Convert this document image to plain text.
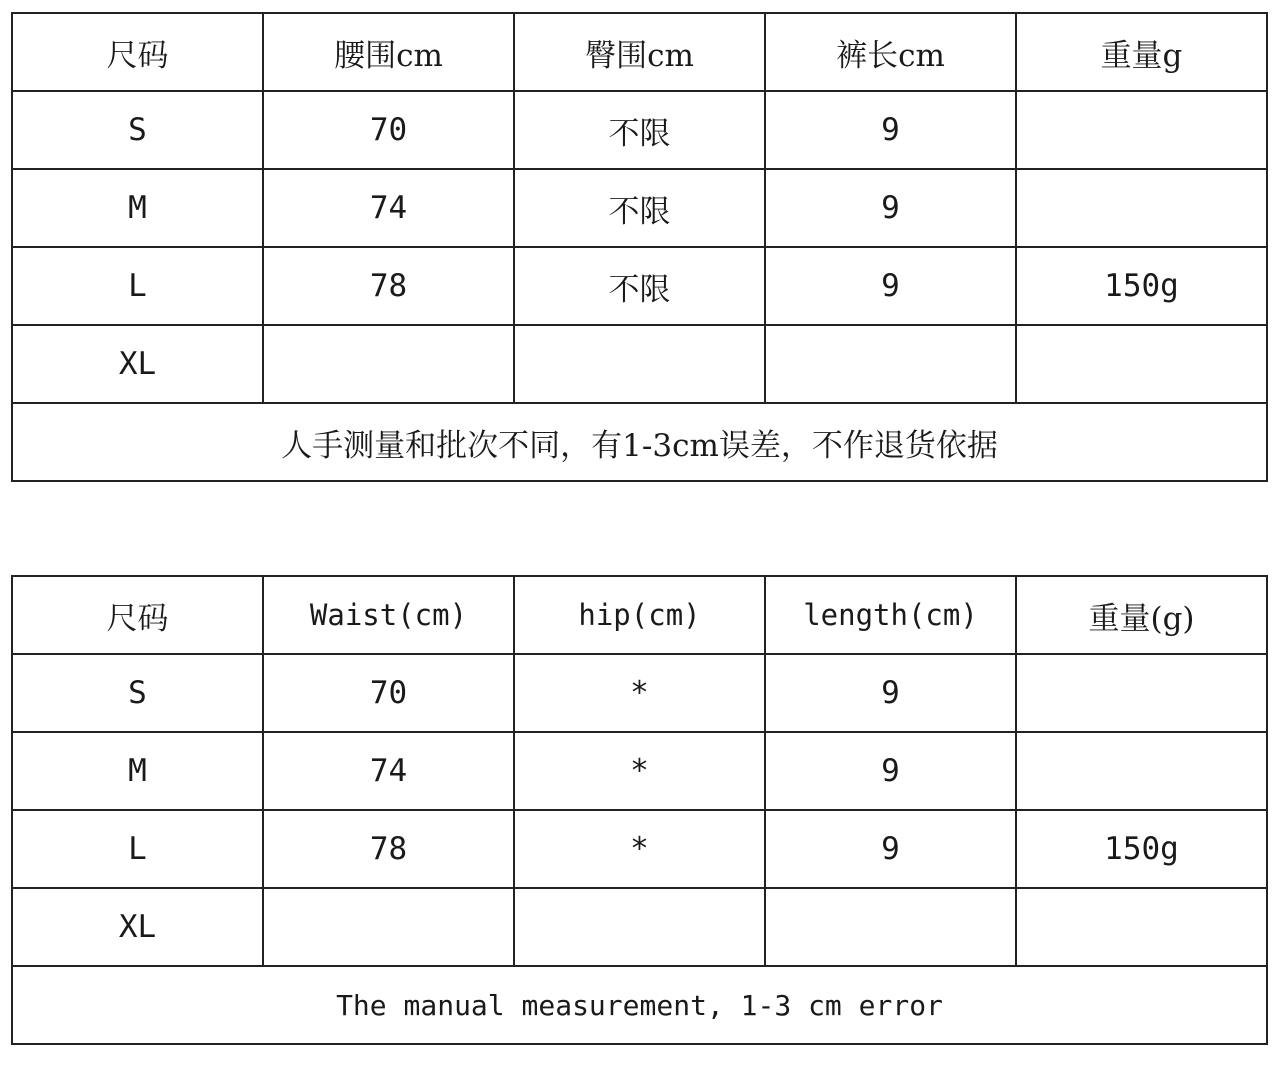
尺码	腰围cm	臀围cm	裤长cm	重量g
S	70	不限	9	
M	74	不限	9	
L	78	不限	9	150g
XL				
人手测量和批次不同，有1-3cm误差，不作退货依据				
尺码	Waist(cm)	hip(cm)	length(cm)	重量(g)
S	70	*	9	
M	74	*	9	
L	78	*	9	150g
XL				
The manual measurement, 1-3 cm error				
